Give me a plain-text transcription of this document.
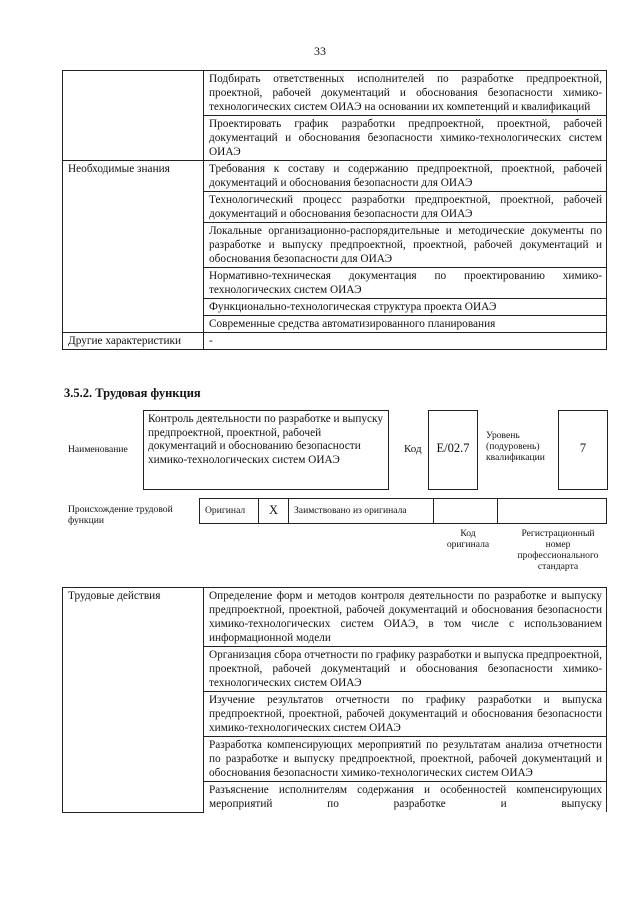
33
	Подбирать ответственных исполнителей по разработке предпроектной, проектной, рабочей документаций и обоснования безопасности химико-технологических систем ОИАЭ на основании их компетенций и квалификаций
	Проектировать график разработки предпроектной, проектной, рабочей документаций и обоснования безопасности химико-технологических систем ОИАЭ
Необходимые знания	Требования к составу и содержанию предпроектной, проектной, рабочей документаций и обоснования безопасности для ОИАЭ
	Технологический процесс разработки предпроектной, проектной, рабочей документаций и обоснования безопасности для ОИАЭ
	Локальные организационно-распорядительные и методические документы по разработке и выпуску предпроектной, проектной, рабочей документаций и обоснования безопасности для ОИАЭ
	Нормативно-техническая документация по проектированию химико-технологических систем ОИАЭ
	Функционально-технологическая структура проекта ОИАЭ
	Современные средства автоматизированного планирования
Другие характеристики	-
3.5.2. Трудовая функция
Наименование
Контроль деятельности по разработке и выпуску предпроектной, проектной, рабочей документаций и обоснованию безопасности химико-технологических систем ОИАЭ
Код	E/02.7
Уровень (подуровень) квалификации
7
Происхождение трудовой функции
Оригинал	X	Заимствовано из оригинала
Код оригинала
Регистрационный номер профессионального стандарта
Трудовые действия	Определение форм и методов контроля деятельности по разработке и выпуску предпроектной, проектной, рабочей документаций и обоснования безопасности химико-технологических систем ОИАЭ, в том числе с использованием информационной модели
Организация сбора отчетности по графику разработки и выпуска предпроектной, проектной, рабочей документаций и обоснования безопасности химико-технологических систем ОИАЭ
Изучение результатов отчетности по графику разработки и выпуска предпроектной, проектной, рабочей документаций и обоснования безопасности химико-технологических систем ОИАЭ
Разработка компенсирующих мероприятий по результатам анализа отчетности по разработке и выпуску предпроектной, проектной, рабочей документаций и обоснования безопасности химико-технологических систем ОИАЭ
Разъяснение исполнителям содержания и особенностей компенсирующих мероприятий по разработке и выпуску
